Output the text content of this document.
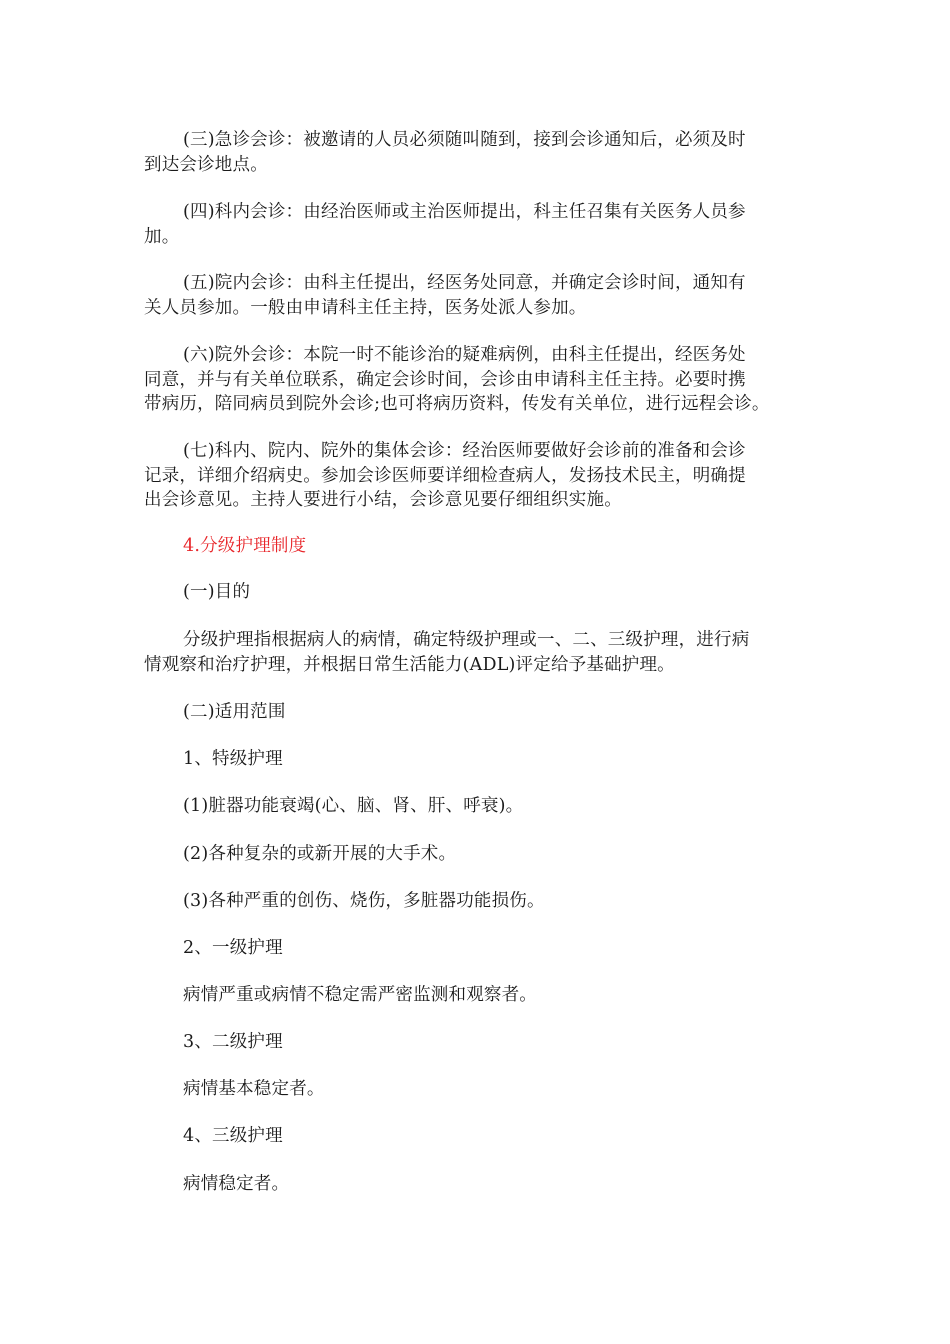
(三)急诊会诊：被邀请的人员必须随叫随到，接到会诊通知后，必须及时
到达会诊地点。

(四)科内会诊：由经治医师或主治医师提出，科主任召集有关医务人员参
加。

(五)院内会诊：由科主任提出，经医务处同意，并确定会诊时间，通知有
关人员参加。一般由申请科主任主持，医务处派人参加。

(六)院外会诊：本院一时不能诊治的疑难病例，由科主任提出，经医务处
同意，并与有关单位联系，确定会诊时间，会诊由申请科主任主持。必要时携
带病历，陪同病员到院外会诊;也可将病历资料，传发有关单位，进行远程会诊。

(七)科内、院内、院外的集体会诊：经治医师要做好会诊前的准备和会诊
记录，详细介绍病史。参加会诊医师要详细检查病人，发扬技术民主，明确提
出会诊意见。主持人要进行小结，会诊意见要仔细组织实施。

4.分级护理制度

(一)目的

分级护理指根据病人的病情，确定特级护理或一、二、三级护理，进行病
情观察和治疗护理，并根据日常生活能力(ADL)评定给予基础护理。

(二)适用范围

1、特级护理

(1)脏器功能衰竭(心、脑、肾、肝、呼衰)。

(2)各种复杂的或新开展的大手术。

(3)各种严重的创伤、烧伤，多脏器功能损伤。

2、一级护理

病情严重或病情不稳定需严密监测和观察者。

3、二级护理

病情基本稳定者。

4、三级护理

病情稳定者。
